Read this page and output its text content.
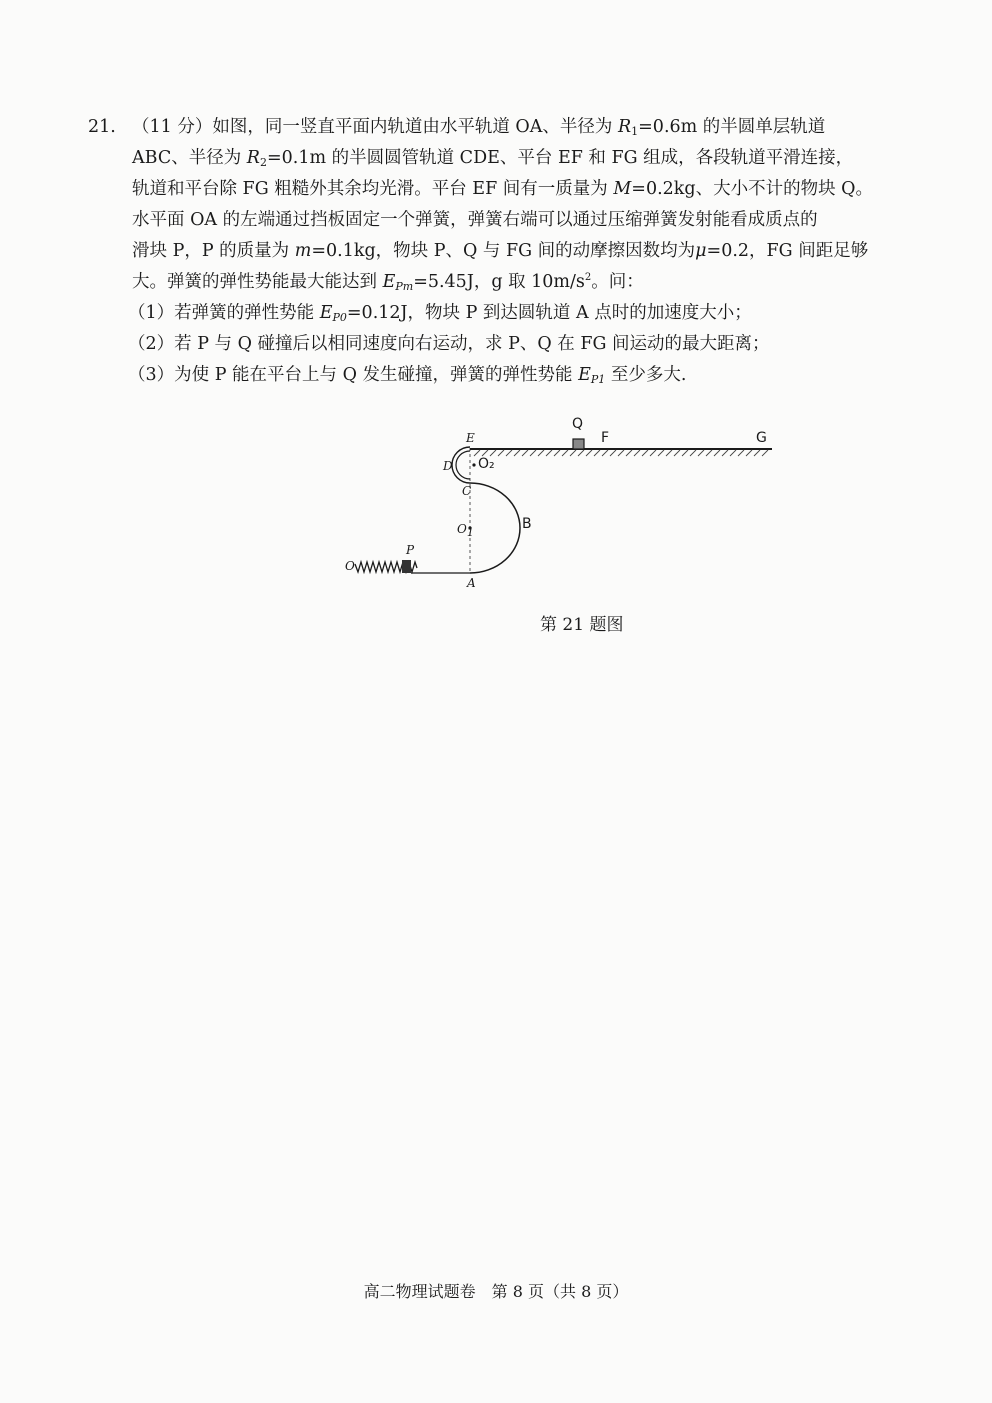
21. （11 分）如图，同一竖直平面内轨道由水平轨道 OA、半径为 $R_1=0.6m$ 的半圆单层轨道
ABC、半径为 $R_2=0.1m$ 的半圆圆管轨道 CDE、平台 EF 和 FG 组成，各段轨道平滑连接，
轨道和平台除 FG 粗糙外其余均光滑。平台 EF 间有一质量为 M=0.2kg、大小不计的物块 Q。
水平面 OA 的左端通过挡板固定一个弹簧，弹簧右端可以通过压缩弹簧发射能看成质点的
滑块 P，P 的质量为 m=0.1kg，物块 P、Q 与 FG 间的动摩擦因数均为μ=0.2，FG 间距足够
大。弹簧的弹性势能最大能达到 $E_{Pm}=5.45J$，g 取 $10m/s^2$。问：
（1）若弹簧的弹性势能 $E_{P0}=0.12J$，物块 P 到达圆轨道 A 点时的加速度大小；
（2）若 P 与 Q 碰撞后以相同速度向右运动，求 P、Q 在 FG 间运动的最大距离；
（3）为使 P 能在平台上与 Q 发生碰撞，弹簧的弹性势能 $E_{P1}$ 至少多大.
E
Q
F	G
D O₂
C
$O_1$
B
O
P
A
第 21 题图
高二物理试题卷　第 8 页（共 8 页）
